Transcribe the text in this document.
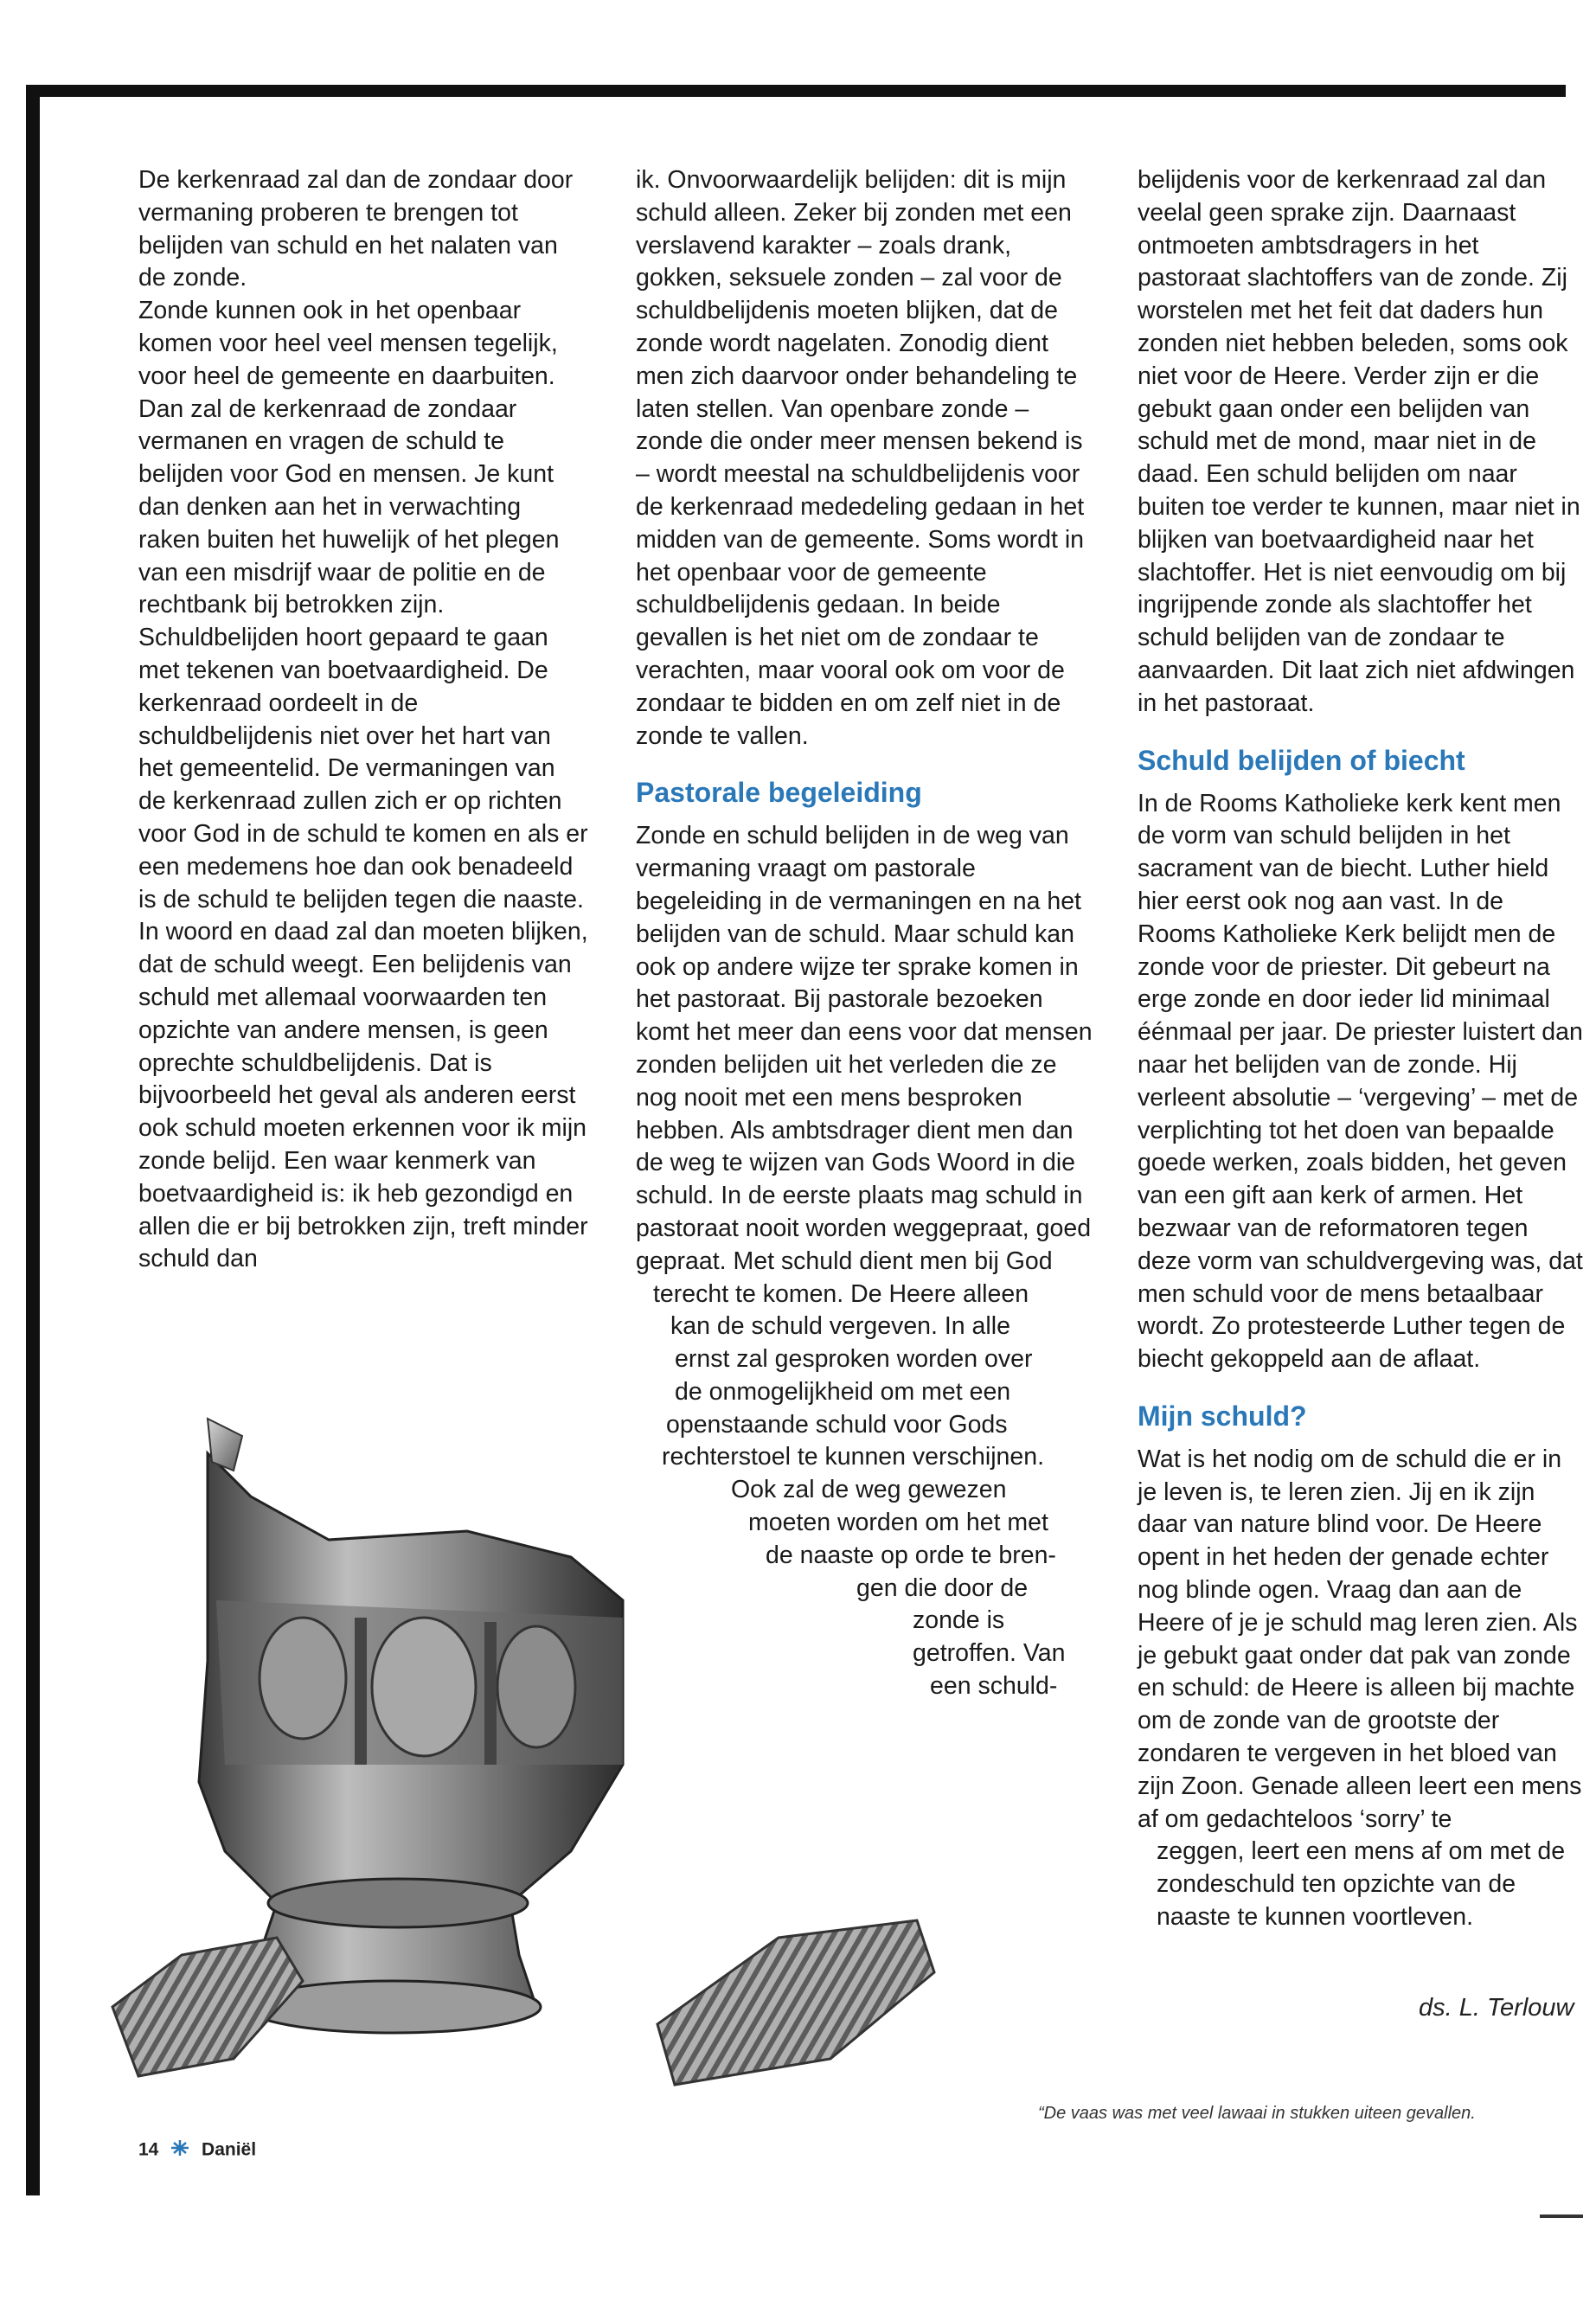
De kerkenraad zal dan de zondaar door vermaning proberen te brengen tot belijden van schuld en het nalaten van de zonde.

Zonde kunnen ook in het openbaar komen voor heel veel mensen tegelijk, voor heel de gemeente en daarbuiten. Dan zal de kerkenraad de zondaar vermanen en vragen de schuld te belijden voor God en mensen. Je kunt dan denken aan het in verwachting raken buiten het huwelijk of het plegen van een misdrijf waar de politie en de rechtbank bij betrokken zijn.

Schuldbelijden hoort gepaard te gaan met tekenen van boetvaardigheid. De kerkenraad oordeelt in de schuldbelijdenis niet over het hart van het gemeentelid. De vermaningen van de kerkenraad zullen zich er op richten voor God in de schuld te komen en als er een medemens hoe dan ook benadeeld is de schuld te belijden tegen die naaste. In woord en daad zal dan moeten blijken, dat de schuld weegt. Een belijdenis van schuld met allemaal voorwaarden ten opzichte van andere mensen, is geen oprechte schuldbelijdenis. Dat is bijvoorbeeld het geval als anderen eerst ook schuld moeten erkennen voor ik mijn zonde belijd. Een waar kenmerk van boetvaardigheid is: ik heb gezondigd en allen die er bij betrokken zijn, treft minder schuld dan

ik. Onvoorwaardelijk belijden: dit is mijn schuld alleen. Zeker bij zonden met een verslavend karakter – zoals drank, gokken, seksuele zonden – zal voor de schuldbelijdenis moeten blijken, dat de zonde wordt nagelaten. Zonodig dient men zich daarvoor onder behandeling te laten stellen. Van openbare zonde – zonde die onder meer mensen bekend is – wordt meestal na schuldbelijdenis voor de kerkenraad mededeling gedaan in het midden van de gemeente. Soms wordt in het openbaar voor de gemeente schuldbelijdenis gedaan. In beide gevallen is het niet om de zondaar te verachten, maar vooral ook om voor de zondaar te bidden en om zelf niet in de zonde te vallen.

Pastorale begeleiding

Zonde en schuld belijden in de weg van vermaning vraagt om pastorale begeleiding in de vermaningen en na het belijden van de schuld. Maar schuld kan ook op andere wijze ter sprake komen in het pastoraat. Bij pastorale bezoeken komt het meer dan eens voor dat mensen zonden belijden uit het verleden die ze nog nooit met een mens besproken hebben. Als ambtsdrager dient men dan de weg te wijzen van Gods Woord in die schuld. In de eerste plaats mag schuld in pastoraat nooit worden weggepraat, goed gepraat. Met schuld dient men bij God

terecht te komen. De Heere alleen
kan de schuld vergeven. In alle
ernst zal gesproken worden over
de onmogelijkheid om met een
openstaande schuld voor Gods
rechterstoel te kunnen verschijnen.
Ook zal de weg gewezen
moeten worden om het met
de naaste op orde te bren-
gen die door de
zonde is
getroffen. Van
een schuld-

belijdenis voor de kerkenraad zal dan veelal geen sprake zijn. Daarnaast ontmoeten ambtsdragers in het pastoraat slachtoffers van de zonde. Zij worstelen met het feit dat daders hun zonden niet hebben beleden, soms ook niet voor de Heere. Verder zijn er die gebukt gaan onder een belijden van schuld met de mond, maar niet in de daad. Een schuld belijden om naar buiten toe verder te kunnen, maar niet in blijken van boetvaardigheid naar het slachtoffer. Het is niet eenvoudig om bij ingrijpende zonde als slachtoffer het schuld belijden van de zondaar te aanvaarden. Dit laat zich niet afdwingen in het pastoraat.

Schuld belijden of biecht

In de Rooms Katholieke kerk kent men de vorm van schuld belijden in het sacrament van de biecht. Luther hield hier eerst ook nog aan vast. In de Rooms Katholieke Kerk belijdt men de zonde voor de priester. Dit gebeurt na erge zonde en door ieder lid minimaal éénmaal per jaar. De priester luistert dan naar het belijden van de zonde. Hij verleent absolutie – ‘vergeving’ – met de verplichting tot het doen van bepaalde goede werken, zoals bidden, het geven van een gift aan kerk of armen. Het bezwaar van de reformatoren tegen deze vorm van schuldvergeving was, dat men schuld voor de mens betaalbaar wordt. Zo protesteerde Luther tegen de biecht gekoppeld aan de aflaat.

Mijn schuld?

Wat is het nodig om de schuld die er in je leven is, te leren zien. Jij en ik zijn daar van nature blind voor. De Heere opent in het heden der genade echter nog blinde ogen. Vraag dan aan de Heere of je je schuld mag leren zien. Als je gebukt gaat onder dat pak van zonde en schuld: de Heere is alleen bij machte om de zonde van de grootste der zondaren te vergeven in het bloed van zijn Zoon. Genade alleen leert een mens af om gedachteloos ‘sorry’ te

zeggen, leert een mens af om met de zondeschuld ten opzichte van de naaste te kunnen voortleven.

ds. L. Terlouw
“De vaas was met veel lawaai in stukken uiteen gevallen.
14 Daniël
